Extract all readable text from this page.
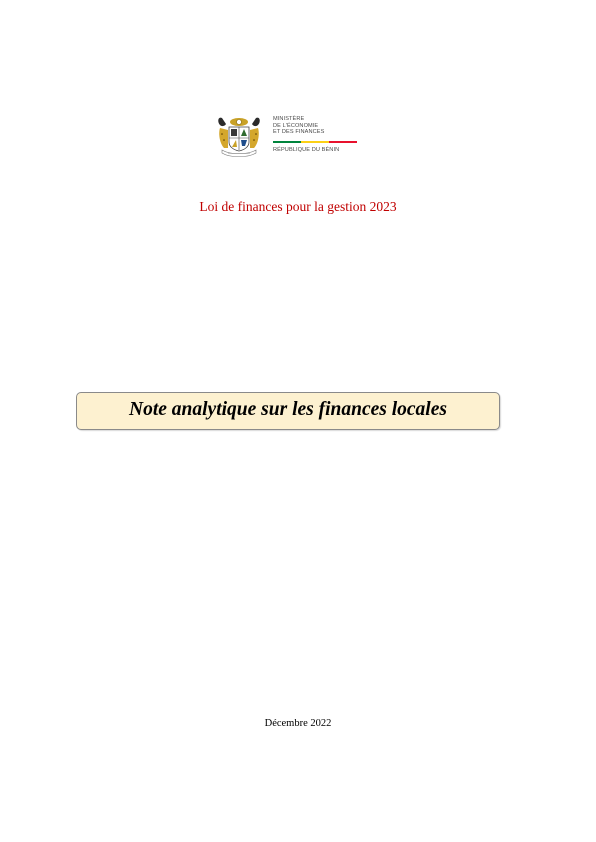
MINISTÈRE
DE L'ÉCONOMIE
ET DES FINANCES
RÉPUBLIQUE DU BÉNIN
Loi de finances pour la gestion 2023
Note analytique sur les finances locales
Décembre 2022
